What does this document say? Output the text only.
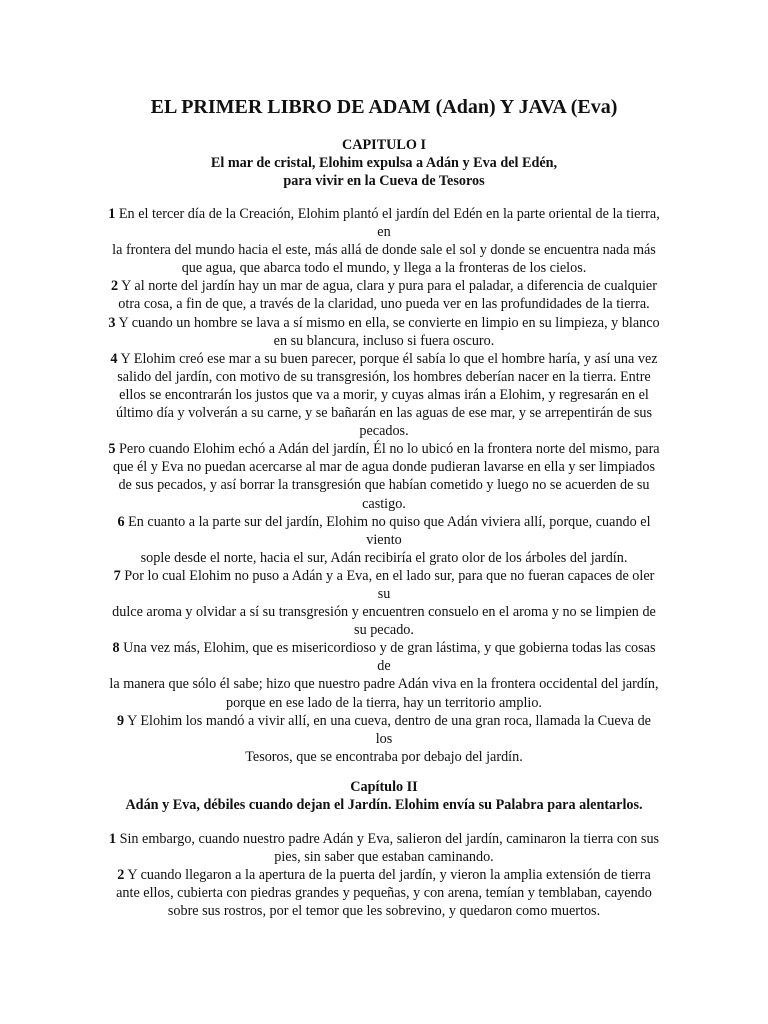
EL PRIMER LIBRO DE ADAM (Adan) Y JAVA (Eva)
CAPITULO I
El mar de cristal, Elohim expulsa a Adán y Eva del Edén,
para vivir en la Cueva de Tesoros
1 En el tercer día de la Creación, Elohim plantó el jardín del Edén en la parte oriental de la tierra,
en
la frontera del mundo hacia el este, más allá de donde sale el sol y donde se encuentra nada más
que agua, que abarca todo el mundo, y llega a la fronteras de los cielos.
2 Y al norte del jardín hay un mar de agua, clara y pura para el paladar, a diferencia de cualquier
otra cosa, a fin de que, a través de la claridad, uno pueda ver en las profundidades de la tierra.
3 Y cuando un hombre se lava a sí mismo en ella, se convierte en limpio en su limpieza, y blanco
en su blancura, incluso si fuera oscuro.
4 Y Elohim creó ese mar a su buen parecer, porque él sabía lo que el hombre haría, y así una vez
salido del jardín, con motivo de su transgresión, los hombres deberían nacer en la tierra. Entre
ellos se encontrarán los justos que va a morir, y cuyas almas irán a Elohim, y regresarán en el
último día y volverán a su carne, y se bañarán en las aguas de ese mar, y se arrepentirán de sus
pecados.
5 Pero cuando Elohim echó a Adán del jardín, Él no lo ubicó en la frontera norte del mismo, para
que él y Eva no puedan acercarse al mar de agua donde pudieran lavarse en ella y ser limpiados
de sus pecados, y así borrar la transgresión que habían cometido y luego no se acuerden de su
castigo.
6 En cuanto a la parte sur del jardín, Elohim no quiso que Adán viviera allí, porque, cuando el
viento
sople desde el norte, hacia el sur, Adán recibiría el grato olor de los árboles del jardín.
7 Por lo cual Elohim no puso a Adán y a Eva, en el lado sur, para que no fueran capaces de oler
su
dulce aroma y olvidar a sí su transgresión y encuentren consuelo en el aroma y no se limpien de
su pecado.
8 Una vez más, Elohim, que es misericordioso y de gran lástima, y que gobierna todas las cosas
de
la manera que sólo él sabe; hizo que nuestro padre Adán viva en la frontera occidental del jardín,
porque en ese lado de la tierra, hay un territorio amplio.
9 Y Elohim los mandó a vivir allí, en una cueva, dentro de una gran roca, llamada la Cueva de
los
Tesoros, que se encontraba por debajo del jardín.
Capítulo II
Adán y Eva, débiles cuando dejan el Jardín. Elohim envía su Palabra para alentarlos.
1 Sin embargo, cuando nuestro padre Adán y Eva, salieron del jardín, caminaron la tierra con sus
pies, sin saber que estaban caminando.
2 Y cuando llegaron a la apertura de la puerta del jardín, y vieron la amplia extensión de tierra
ante ellos, cubierta con piedras grandes y pequeñas, y con arena, temían y temblaban, cayendo
sobre sus rostros, por el temor que les sobrevino, y quedaron como muertos.
